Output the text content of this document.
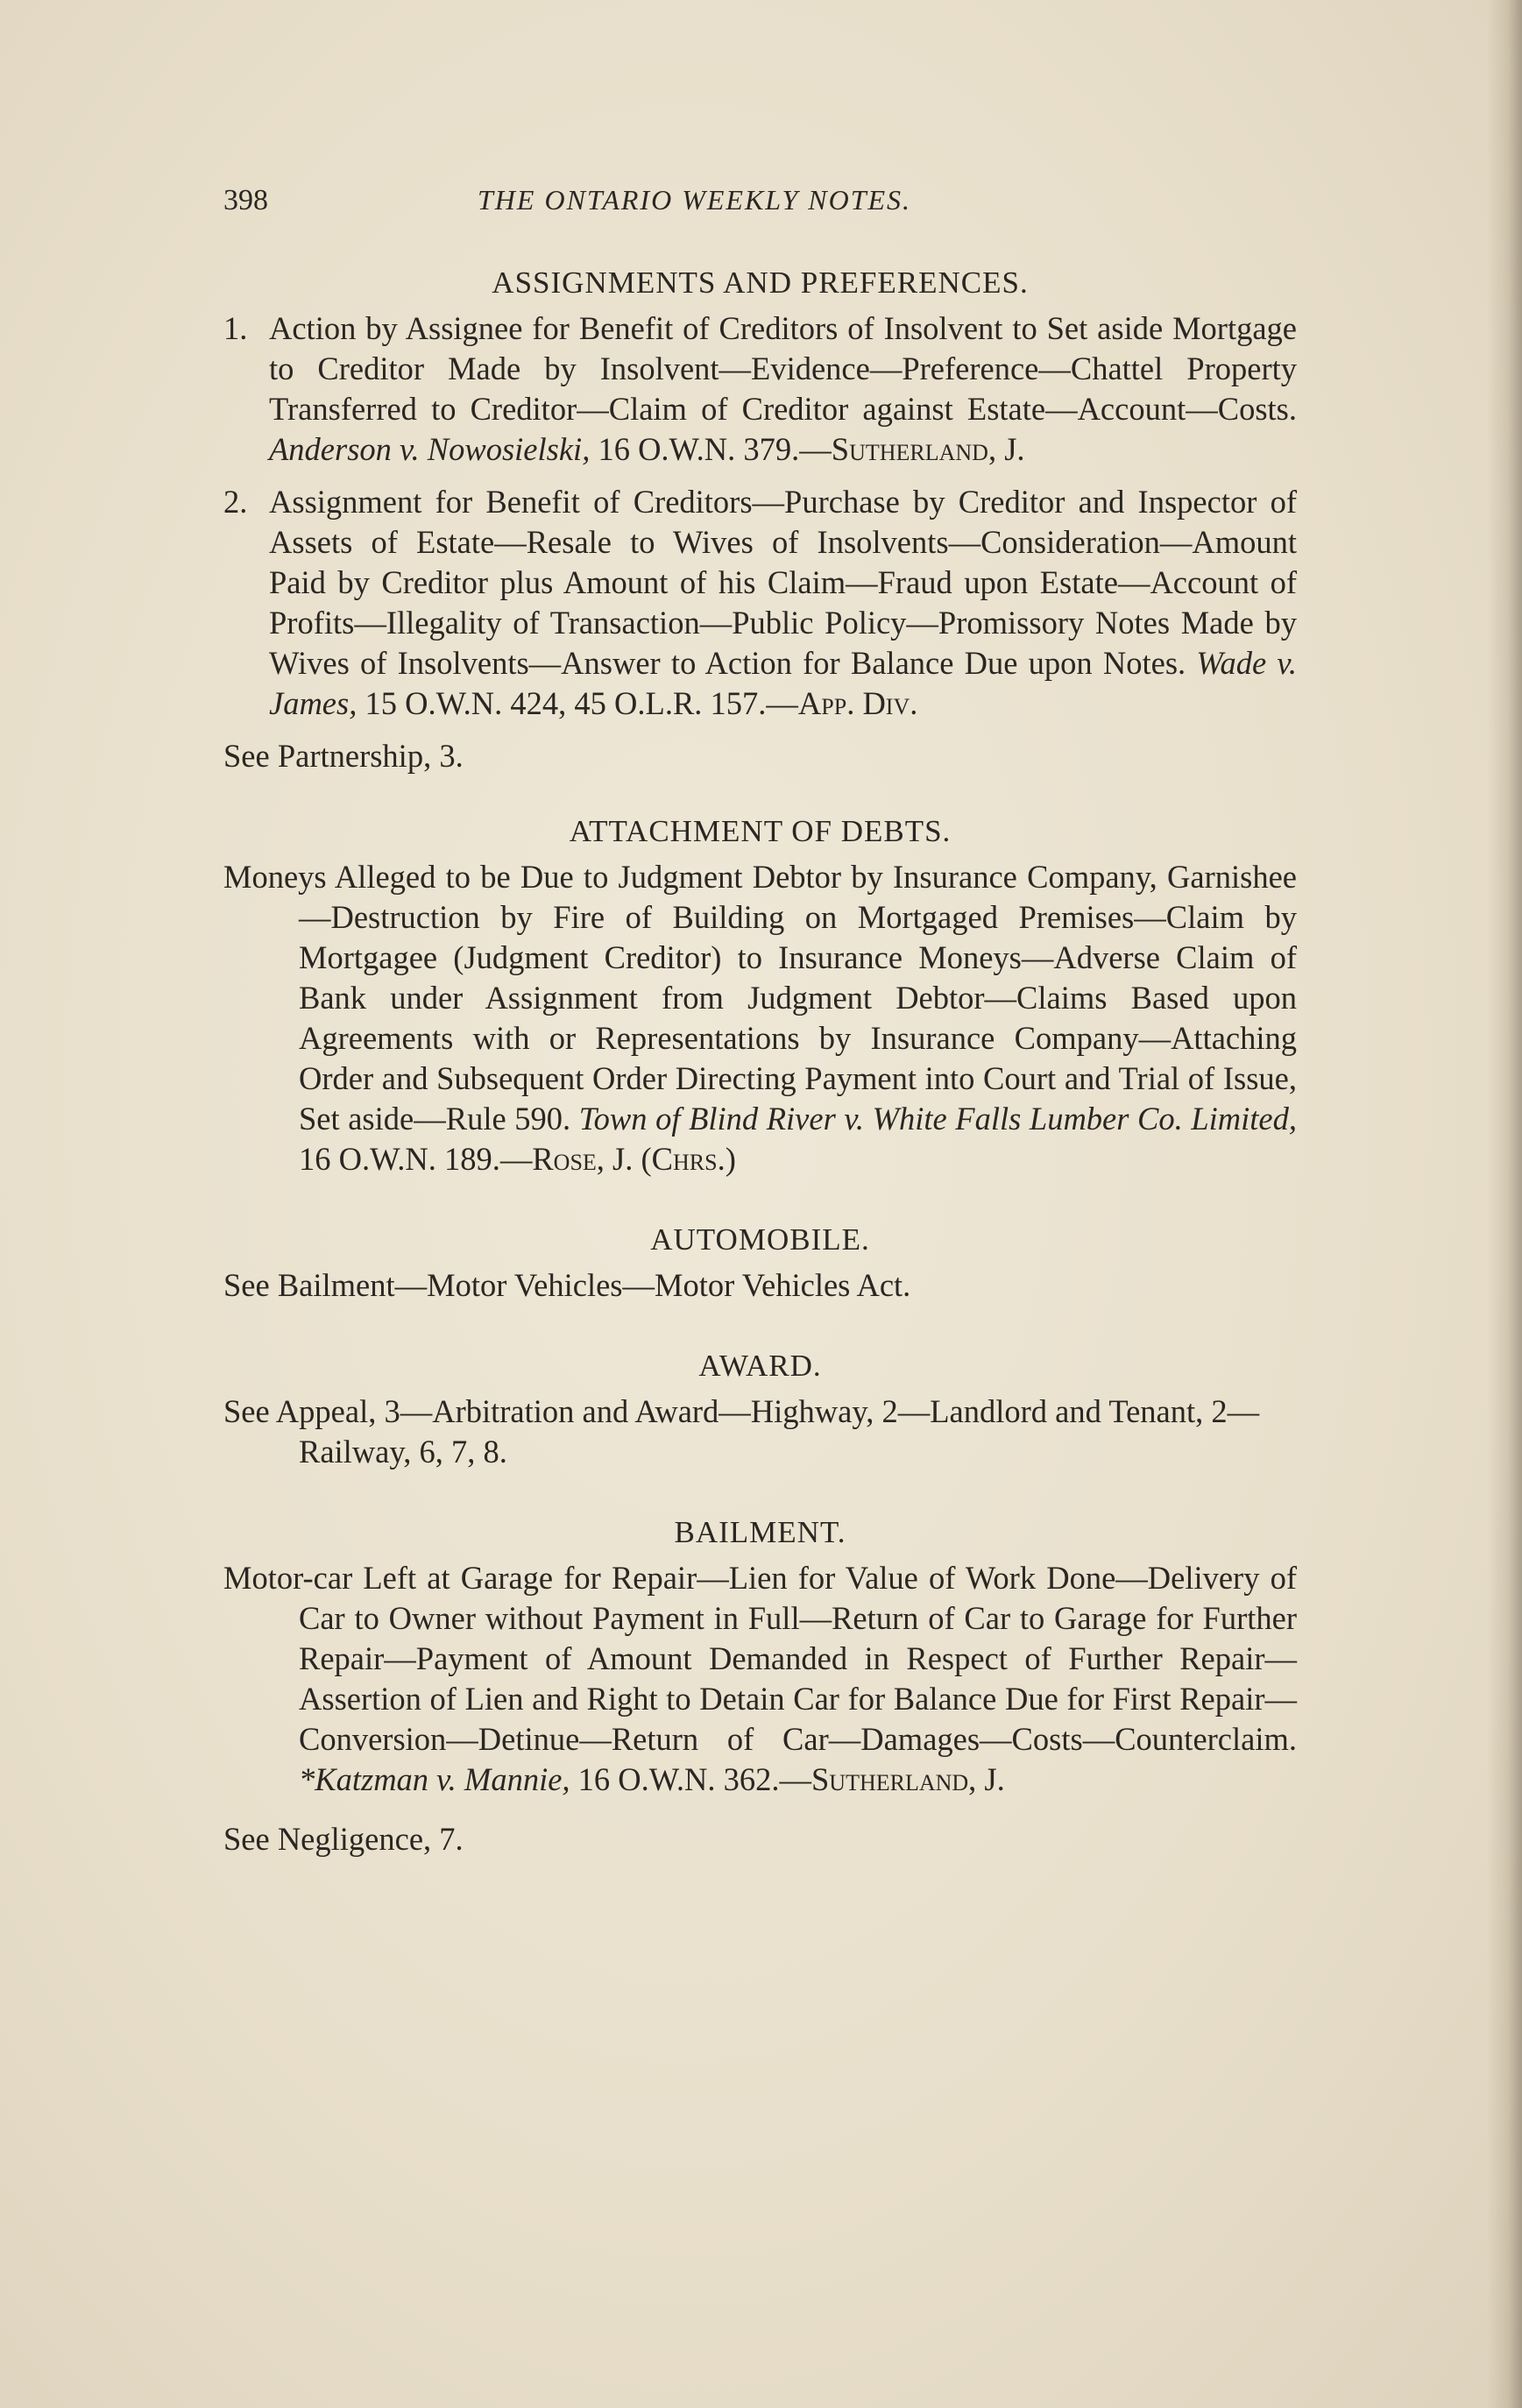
398	THE ONTARIO WEEKLY NOTES.
ASSIGNMENTS AND PREFERENCES.
1. Action by Assignee for Benefit of Creditors of Insolvent to Set aside Mortgage to Creditor Made by Insolvent—Evidence—Preference—Chattel Property Transferred to Creditor—Claim of Creditor against Estate—Account—Costs. Anderson v. Nowosielski, 16 O.W.N. 379.—Sutherland, J.
2. Assignment for Benefit of Creditors—Purchase by Creditor and Inspector of Assets of Estate—Resale to Wives of Insolvents—Consideration—Amount Paid by Creditor plus Amount of his Claim—Fraud upon Estate—Account of Profits—Illegality of Transaction—Public Policy—Promissory Notes Made by Wives of Insolvents—Answer to Action for Balance Due upon Notes. Wade v. James, 15 O.W.N. 424, 45 O.L.R. 157.—App. Div.
See Partnership, 3.
ATTACHMENT OF DEBTS.
Moneys Alleged to be Due to Judgment Debtor by Insurance Company, Garnishee—Destruction by Fire of Building on Mortgaged Premises—Claim by Mortgagee (Judgment Creditor) to Insurance Moneys—Adverse Claim of Bank under Assignment from Judgment Debtor—Claims Based upon Agreements with or Representations by Insurance Company—Attaching Order and Subsequent Order Directing Payment into Court and Trial of Issue, Set aside—Rule 590. Town of Blind River v. White Falls Lumber Co. Limited, 16 O.W.N. 189.—Rose, J. (Chrs.)
AUTOMOBILE.
See Bailment—Motor Vehicles—Motor Vehicles Act.
AWARD.
See Appeal, 3—Arbitration and Award—Highway, 2—Landlord and Tenant, 2—Railway, 6, 7, 8.
BAILMENT.
Motor-car Left at Garage for Repair—Lien for Value of Work Done—Delivery of Car to Owner without Payment in Full—Return of Car to Garage for Further Repair—Payment of Amount Demanded in Respect of Further Repair—Assertion of Lien and Right to Detain Car for Balance Due for First Repair—Conversion—Detinue—Return of Car—Damages—Costs—Counterclaim. *Katzman v. Mannie, 16 O.W.N. 362.—Sutherland, J.
See Negligence, 7.
